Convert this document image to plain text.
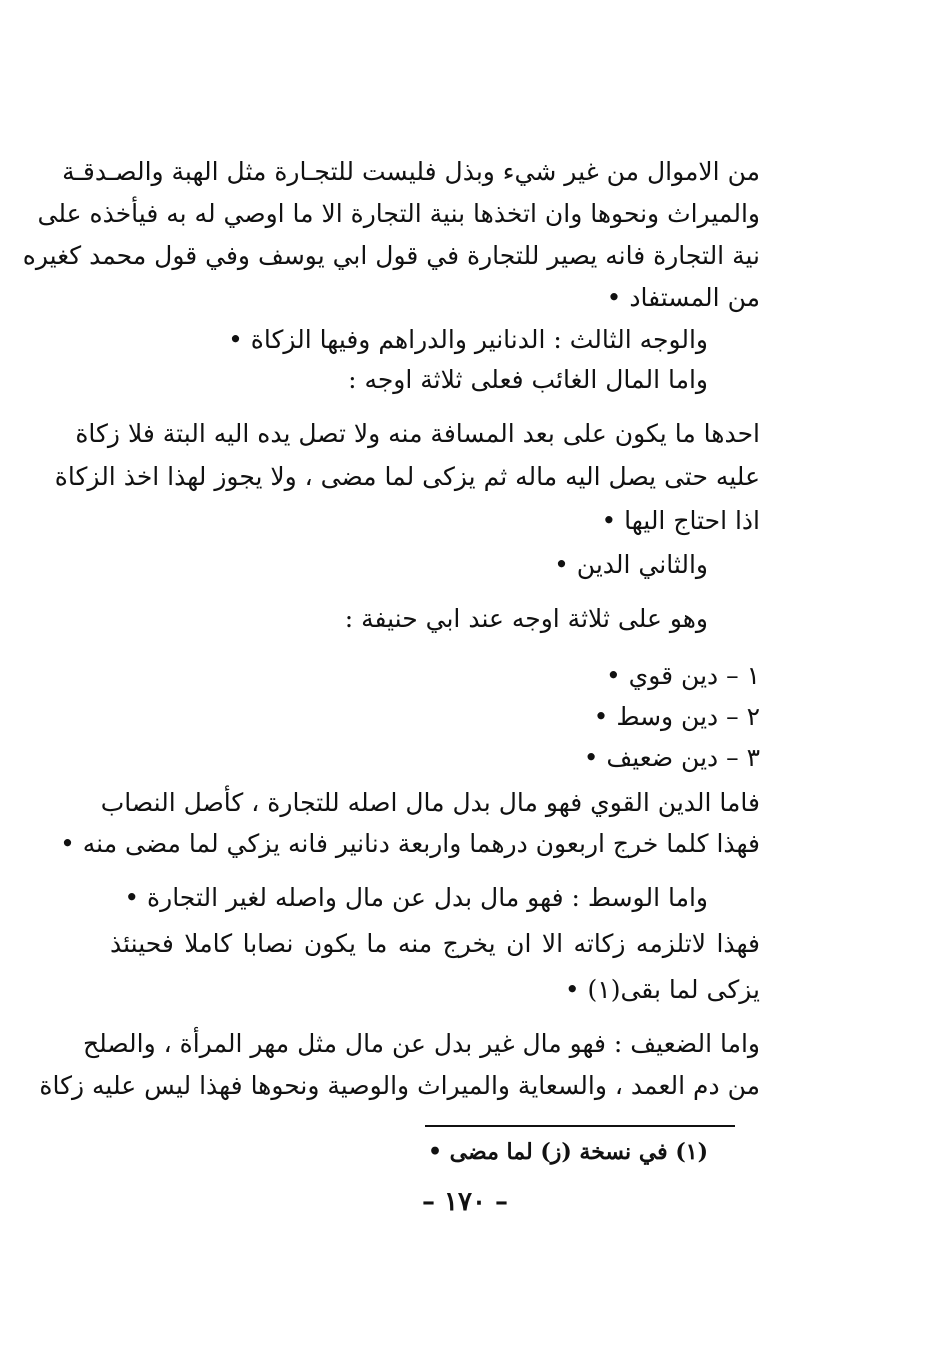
من الاموال من غير شيء وبذل فليست للتجـارة مثل الهبة والصـدقـة
والميراث ونحوها وان اتخذها بنية التجارة الا ما اوصي له به فيأخذه على
نية التجارة فانه يصير للتجارة في قول ابي يوسف وفي قول محمد كغيره
من المستفاد •
والوجه الثالث : الدنانير والدراهم وفيها الزكاة •
واما المال الغائب فعلى ثلاثة اوجه :
احدها ما يكون على بعد المسافة منه ولا تصل يده اليه البتة فلا زكاة
عليه حتى يصل اليه ماله ثم يزكى لما مضى ، ولا يجوز لهذا اخذ الزكاة
اذا احتاج اليها •
والثاني الدين •
وهو على ثلاثة اوجه عند ابي حنيفة :
١ – دين قوي •
٢ – دين وسط •
٣ – دين ضعيف •
فاما الدين القوي فهو مال بدل مال اصله للتجارة ، كأصل النصاب
فهذا كلما خرج اربعون درهما واربعة دنانير فانه يزكي لما مضى منه •
واما الوسط : فهو مال بدل عن مال واصله لغير التجارة •
فهذا لاتلزمه زكاته الا ان يخرج منه ما يكون نصابا كاملا فحينئذ
يزكى لما بقى(١) •
واما الضعيف : فهو مال غير بدل عن مال مثل مهر المرأة ، والصلح
من دم العمد ، والسعاية والميراث والوصية ونحوها فهذا ليس عليه زكاة
(١) في نسخة (ز) لما مضى •
– ١٧٠ –
